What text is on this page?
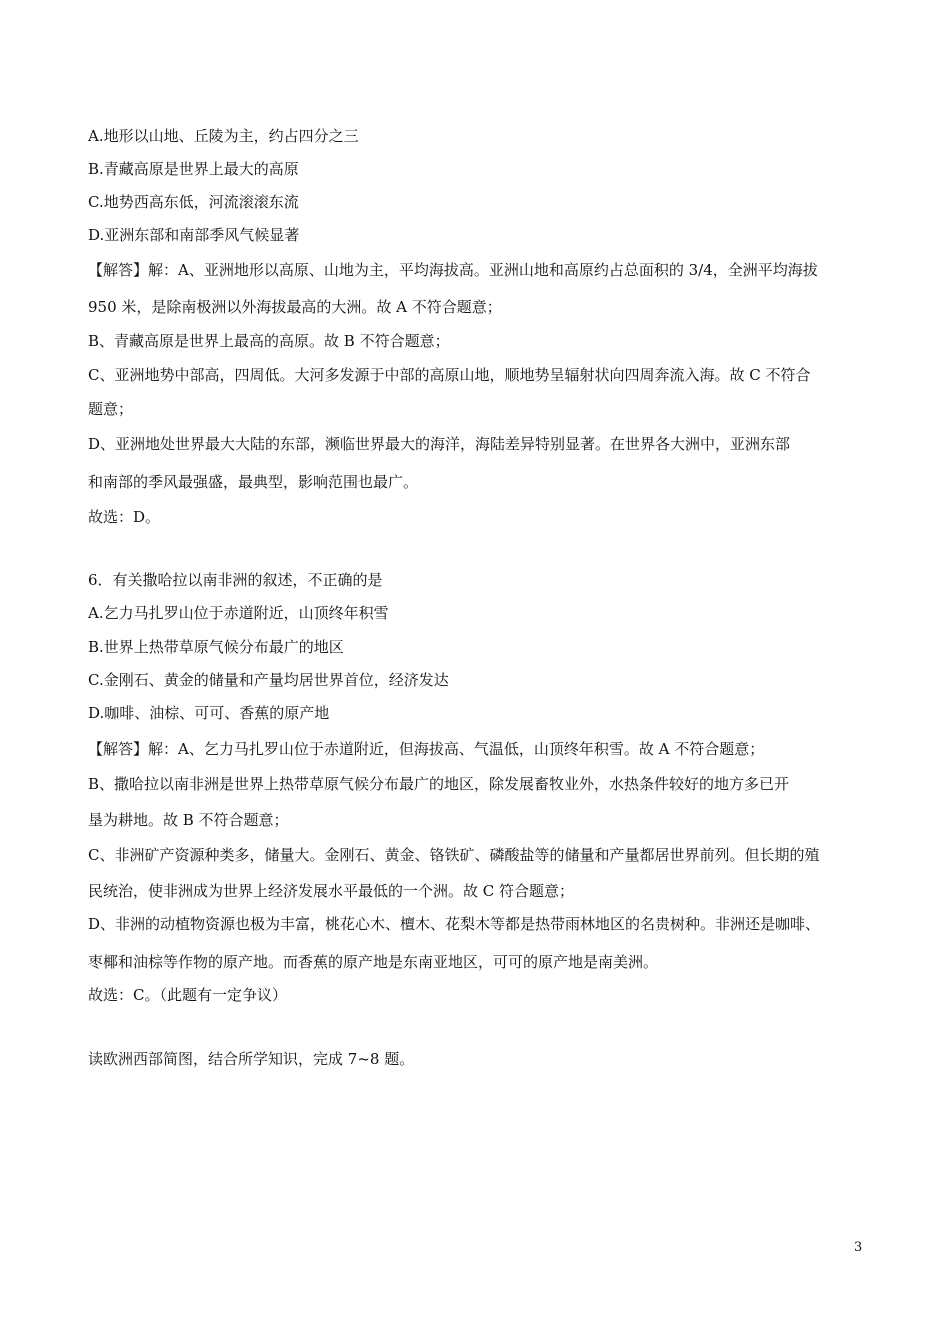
A.地形以山地、丘陵为主，约占四分之三
B.青藏高原是世界上最大的高原
C.地势西高东低，河流滚滚东流
D.亚洲东部和南部季风气候显著
【解答】解：A、亚洲地形以高原、山地为主，平均海拔高。亚洲山地和高原约占总面积的 3/4，全洲平均海拔
950 米，是除南极洲以外海拔最高的大洲。故 A 不符合题意；
B、青藏高原是世界上最高的高原。故 B 不符合题意；
C、亚洲地势中部高，四周低。大河多发源于中部的高原山地，顺地势呈辐射状向四周奔流入海。故 C 不符合
题意；
D、亚洲地处世界最大大陆的东部，濒临世界最大的海洋，海陆差异特别显著。在世界各大洲中，亚洲东部
和南部的季风最强盛，最典型，影响范围也最广。
故选：D。
6．有关撒哈拉以南非洲的叙述，不正确的是
A.乞力马扎罗山位于赤道附近，山顶终年积雪
B.世界上热带草原气候分布最广的地区
C.金刚石、黄金的储量和产量均居世界首位，经济发达
D.咖啡、油棕、可可、香蕉的原产地
【解答】解：A、乞力马扎罗山位于赤道附近，但海拔高、气温低，山顶终年积雪。故 A 不符合题意；
B、撒哈拉以南非洲是世界上热带草原气候分布最广的地区，除发展畜牧业外，水热条件较好的地方多已开
垦为耕地。故 B 不符合题意；
C、非洲矿产资源种类多，储量大。金刚石、黄金、铬铁矿、磷酸盐等的储量和产量都居世界前列。但长期的殖
民统治，使非洲成为世界上经济发展水平最低的一个洲。故 C 符合题意；
D、非洲的动植物资源也极为丰富，桃花心木、檀木、花梨木等都是热带雨林地区的名贵树种。非洲还是咖啡、
枣椰和油棕等作物的原产地。而香蕉的原产地是东南亚地区，可可的原产地是南美洲。
故选：C。（此题有一定争议）
读欧洲西部简图，结合所学知识，完成 7~8 题。
3
